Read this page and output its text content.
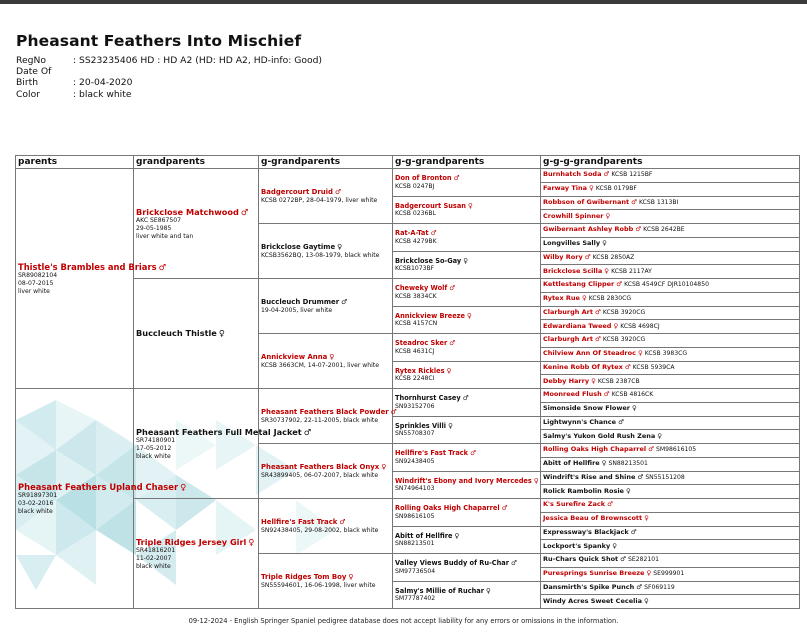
Pheasant Feathers Into Mischief
RegNo	: SS23235406 HD : HD A2 (HD: HD A2, HD-info: Good)
Date Of Birth	: 20-04-2020
Color	: black white
parents	grandparents	g-grandparents	g-g-grandparents	g-g-g-grandparents
Thistle's Brambles and Briars ♂
SR89082104
08-07-2015
liver white	Brickclose Matchwood ♂
AKC SE867507
29-05-1985
liver white and tan	Badgercourt Druid ♂
KCSB 0272BP, 28-04-1979, liver white	Don of Bronton ♂
KCSB 0247BJ	Burnhatch Soda ♂ KCSB 1215BF
				Farway Tina ♀ KCSB 0179BF
			Badgercourt Susan ♀
KCSB 0236BL	Robbson of Gwibernant ♂ KCSB 1313BI
				Crowhill Spinner ♀
		Brickclose Gaytime ♀
KCSB3562BQ, 13-08-1979, black white	Rat-A-Tat ♂
KCSB 4279BK	Gwibernant Ashley Robb ♂ KCSB 2642BE
				Longvilles Sally ♀
			Brickclose So-Gay ♀
KCSB1073BF	Wilby Rory ♂ KCSB 2850AZ
				Brickclose Scilla ♀ KCSB 2117AY
	Buccleuch Thistle ♀	Buccleuch Drummer ♂
19-04-2005, liver white	Cheweky Wolf ♂
KCSB 3834CK	Kettlestang Clipper ♂ KCSB 4549CF DJR10104850
				Rytex Rue ♀ KCSB 2830CG
			Annickview Breeze ♀
KCSB 4157CN	Clarburgh Art ♂ KCSB 3920CG
				Edwardiana Tweed ♀ KCSB 4698CJ
		Annickview Anna ♀
KCSB 3663CM, 14-07-2001, liver white	Steadroc Sker ♂
KCSB 4631CJ	Clarburgh Art ♂ KCSB 3920CG
				Chilview Ann Of Steadroc ♀ KCSB 3983CG
			Rytex Rickles ♀
KCSB 2248CI	Kenine Robb Of Rytex ♂ KCSB 5939CA
				Debby Harry ♀ KCSB 2387CB
Pheasant Feathers Upland Chaser ♀
SR91897301
03-02-2016
black white	Pheasant Feathers Full Metal Jacket ♂
SR74180901
17-05-2012
black white	Pheasant Feathers Black Powder ♂
SR30737902, 22-11-2005, black white	Thornhurst Casey ♂
SN93152706	Moonreed Flush ♂ KCSB 4816CK
				Simonside Snow Flower ♀
			Sprinkles Villi ♀
SN55708307	Lightwynn's Chance ♂
				Salmy's Yukon Gold Rush Zena ♀
		Pheasant Feathers Black Onyx ♀
SR43899405, 06-07-2007, black white	Hellfire's Fast Track ♂
SN92438405	Rolling Oaks High Chaparrel ♂ SM98616105
				Abitt of Hellfire ♀ SN88213501
			Windrift's Ebony and Ivory Mercedes ♀
SN74964103	Windrift's Rise and Shine ♂ SN55151208
				Rolick Rambolin Rosie ♀
	Triple Ridges Jersey Girl ♀
SR41816201
11-02-2007
black white	Hellfire's Fast Track ♂
SN92438405, 29-08-2002, black white	Rolling Oaks High Chaparrel ♂
SN98616105	K's Surefire Zack ♂
				Jessica Beau of Brownscott ♀
			Abitt of Hellfire ♀
SN88213501	Expressway's Blackjack ♂
				Lockport's Spanky ♀
		Triple Ridges Tom Boy ♀
SN55594601, 16-06-1998, liver white	Valley Views Buddy of Ru-Char ♂
SM97736504	Ru-Chars Quick Shot ♂ SE282101
				Puresprings Sunrise Breeze ♀ SE999901
			Salmy's Millie of Ruchar ♀
SM77787402	Dansmirth's Spike Punch ♂ SF069119
				Windy Acres Sweet Cecelia ♀
09-12-2024 - English Springer Spaniel pedigree database does not accept liability for any errors or omissions in the information.
